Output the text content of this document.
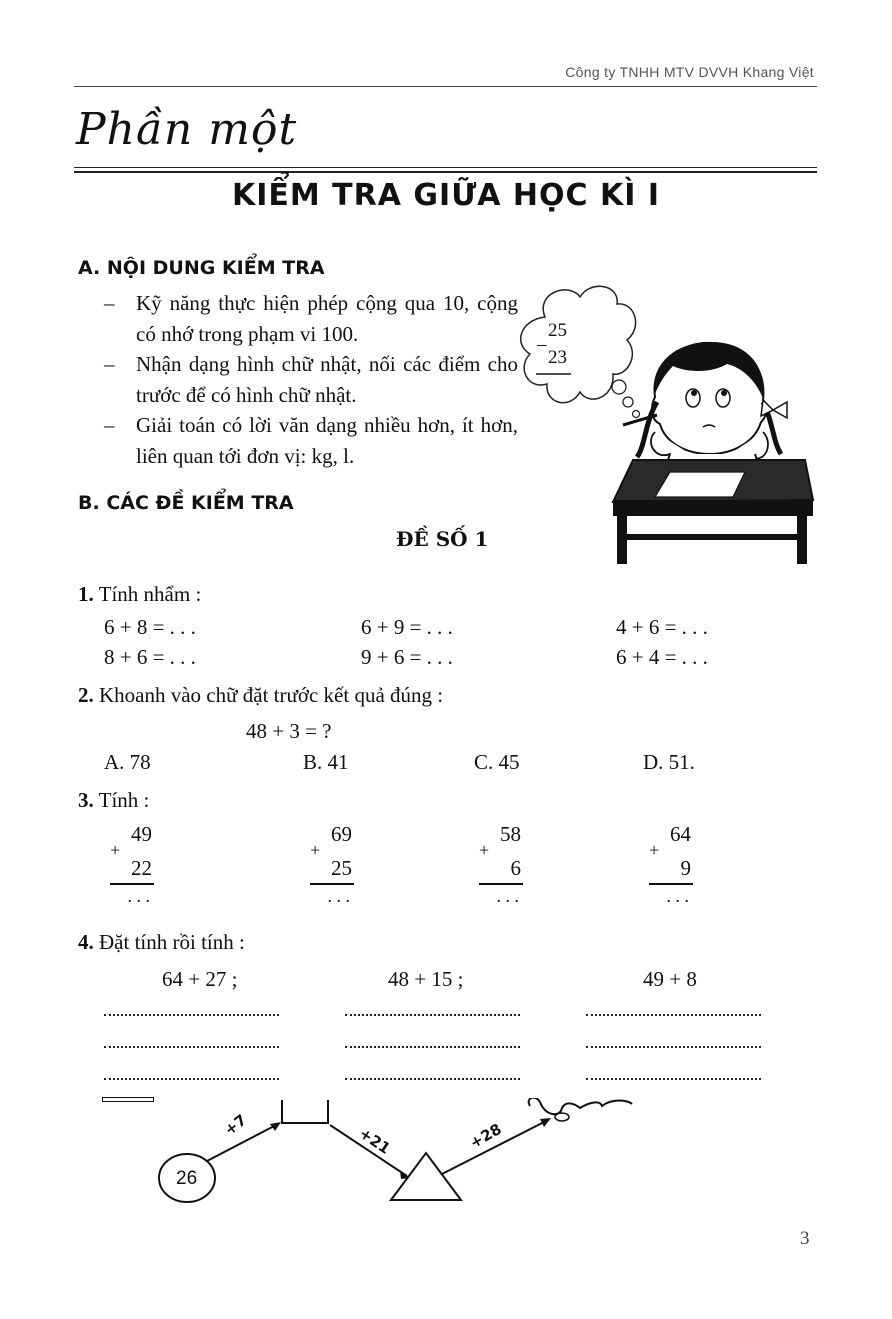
Công ty TNHH MTV DVVH Khang Việt
Phần một
KIỂM TRA GIỮA HỌC KÌ I
A. NỘI DUNG KIỂM TRA
– Kỹ năng thực hiện phép cộng qua 10, cộng có nhớ trong phạm vi 100.
– Nhận dạng hình chữ nhật, nối các điểm cho trước để có hình chữ nhật.
– Giải toán có lời văn dạng nhiều hơn, ít hơn, liên quan tới đơn vị: kg, l.
25
–
23
B. CÁC ĐỀ KIỂM TRA
ĐỀ SỐ 1
1. Tính nhẩm :
6 + 8 = . . .	6 + 9 = . . .	4 + 6 = . . .
8 + 6 = . . .	9 + 6 = . . .	6 + 4 = . . .
2. Khoanh vào chữ đặt trước kết quả đúng :
48 + 3 = ?
A. 78	B. 41	C. 45	D. 51.
3. Tính :
49
+
22
. . .
69
+
25
. . .
58
+
6
. . .
64
+
9
. . .
4. Đặt tính rồi tính :
64 + 27 ;	48 + 15 ;	49 + 8
26
+7	+21	+28
3
